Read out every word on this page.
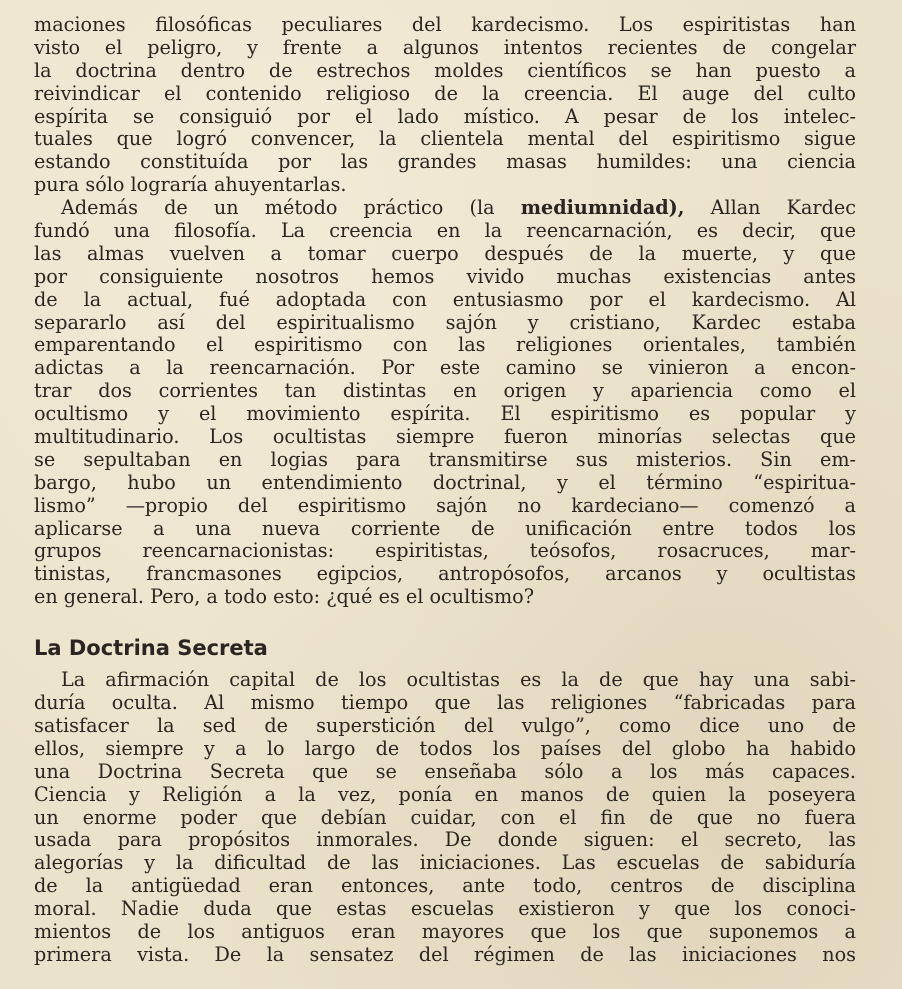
maciones filosóficas peculiares del kardecismo. Los espiritistas han
visto el peligro, y frente a algunos intentos recientes de congelar
la doctrina dentro de estrechos moldes científicos se han puesto a
reivindicar el contenido religioso de la creencia. El auge del culto
espírita se consiguió por el lado místico. A pesar de los intelec-
tuales que logró convencer, la clientela mental del espiritismo sigue
estando constituída por las grandes masas humildes: una ciencia
pura sólo lograría ahuyentarlas.
Además de un método práctico (la mediumnidad), Allan Kardec
fundó una filosofía. La creencia en la reencarnación, es decir, que
las almas vuelven a tomar cuerpo después de la muerte, y que
por consiguiente nosotros hemos vivido muchas existencias antes
de la actual, fué adoptada con entusiasmo por el kardecismo. Al
separarlo así del espiritualismo sajón y cristiano, Kardec estaba
emparentando el espiritismo con las religiones orientales, también
adictas a la reencarnación. Por este camino se vinieron a encon-
trar dos corrientes tan distintas en origen y apariencia como el
ocultismo y el movimiento espírita. El espiritismo es popular y
multitudinario. Los ocultistas siempre fueron minorías selectas que
se sepultaban en logias para transmitirse sus misterios. Sin em-
bargo, hubo un entendimiento doctrinal, y el término “espiritua-
lismo” —propio del espiritismo sajón no kardeciano— comenzó a
aplicarse a una nueva corriente de unificación entre todos los
grupos reencarnacionistas: espiritistas, teósofos, rosacruces, mar-
tinistas, francmasones egipcios, antropósofos, arcanos y ocultistas
en general. Pero, a todo esto: ¿qué es el ocultismo?
La Doctrina Secreta
La afirmación capital de los ocultistas es la de que hay una sabi-
duría oculta. Al mismo tiempo que las religiones “fabricadas para
satisfacer la sed de superstición del vulgo”, como dice uno de
ellos, siempre y a lo largo de todos los países del globo ha habido
una Doctrina Secreta que se enseñaba sólo a los más capaces.
Ciencia y Religión a la vez, ponía en manos de quien la poseyera
un enorme poder que debían cuidar, con el fin de que no fuera
usada para propósitos inmorales. De donde siguen: el secreto, las
alegorías y la dificultad de las iniciaciones. Las escuelas de sabiduría
de la antigüedad eran entonces, ante todo, centros de disciplina
moral. Nadie duda que estas escuelas existieron y que los conoci-
mientos de los antiguos eran mayores que los que suponemos a
primera vista. De la sensatez del régimen de las iniciaciones nos
